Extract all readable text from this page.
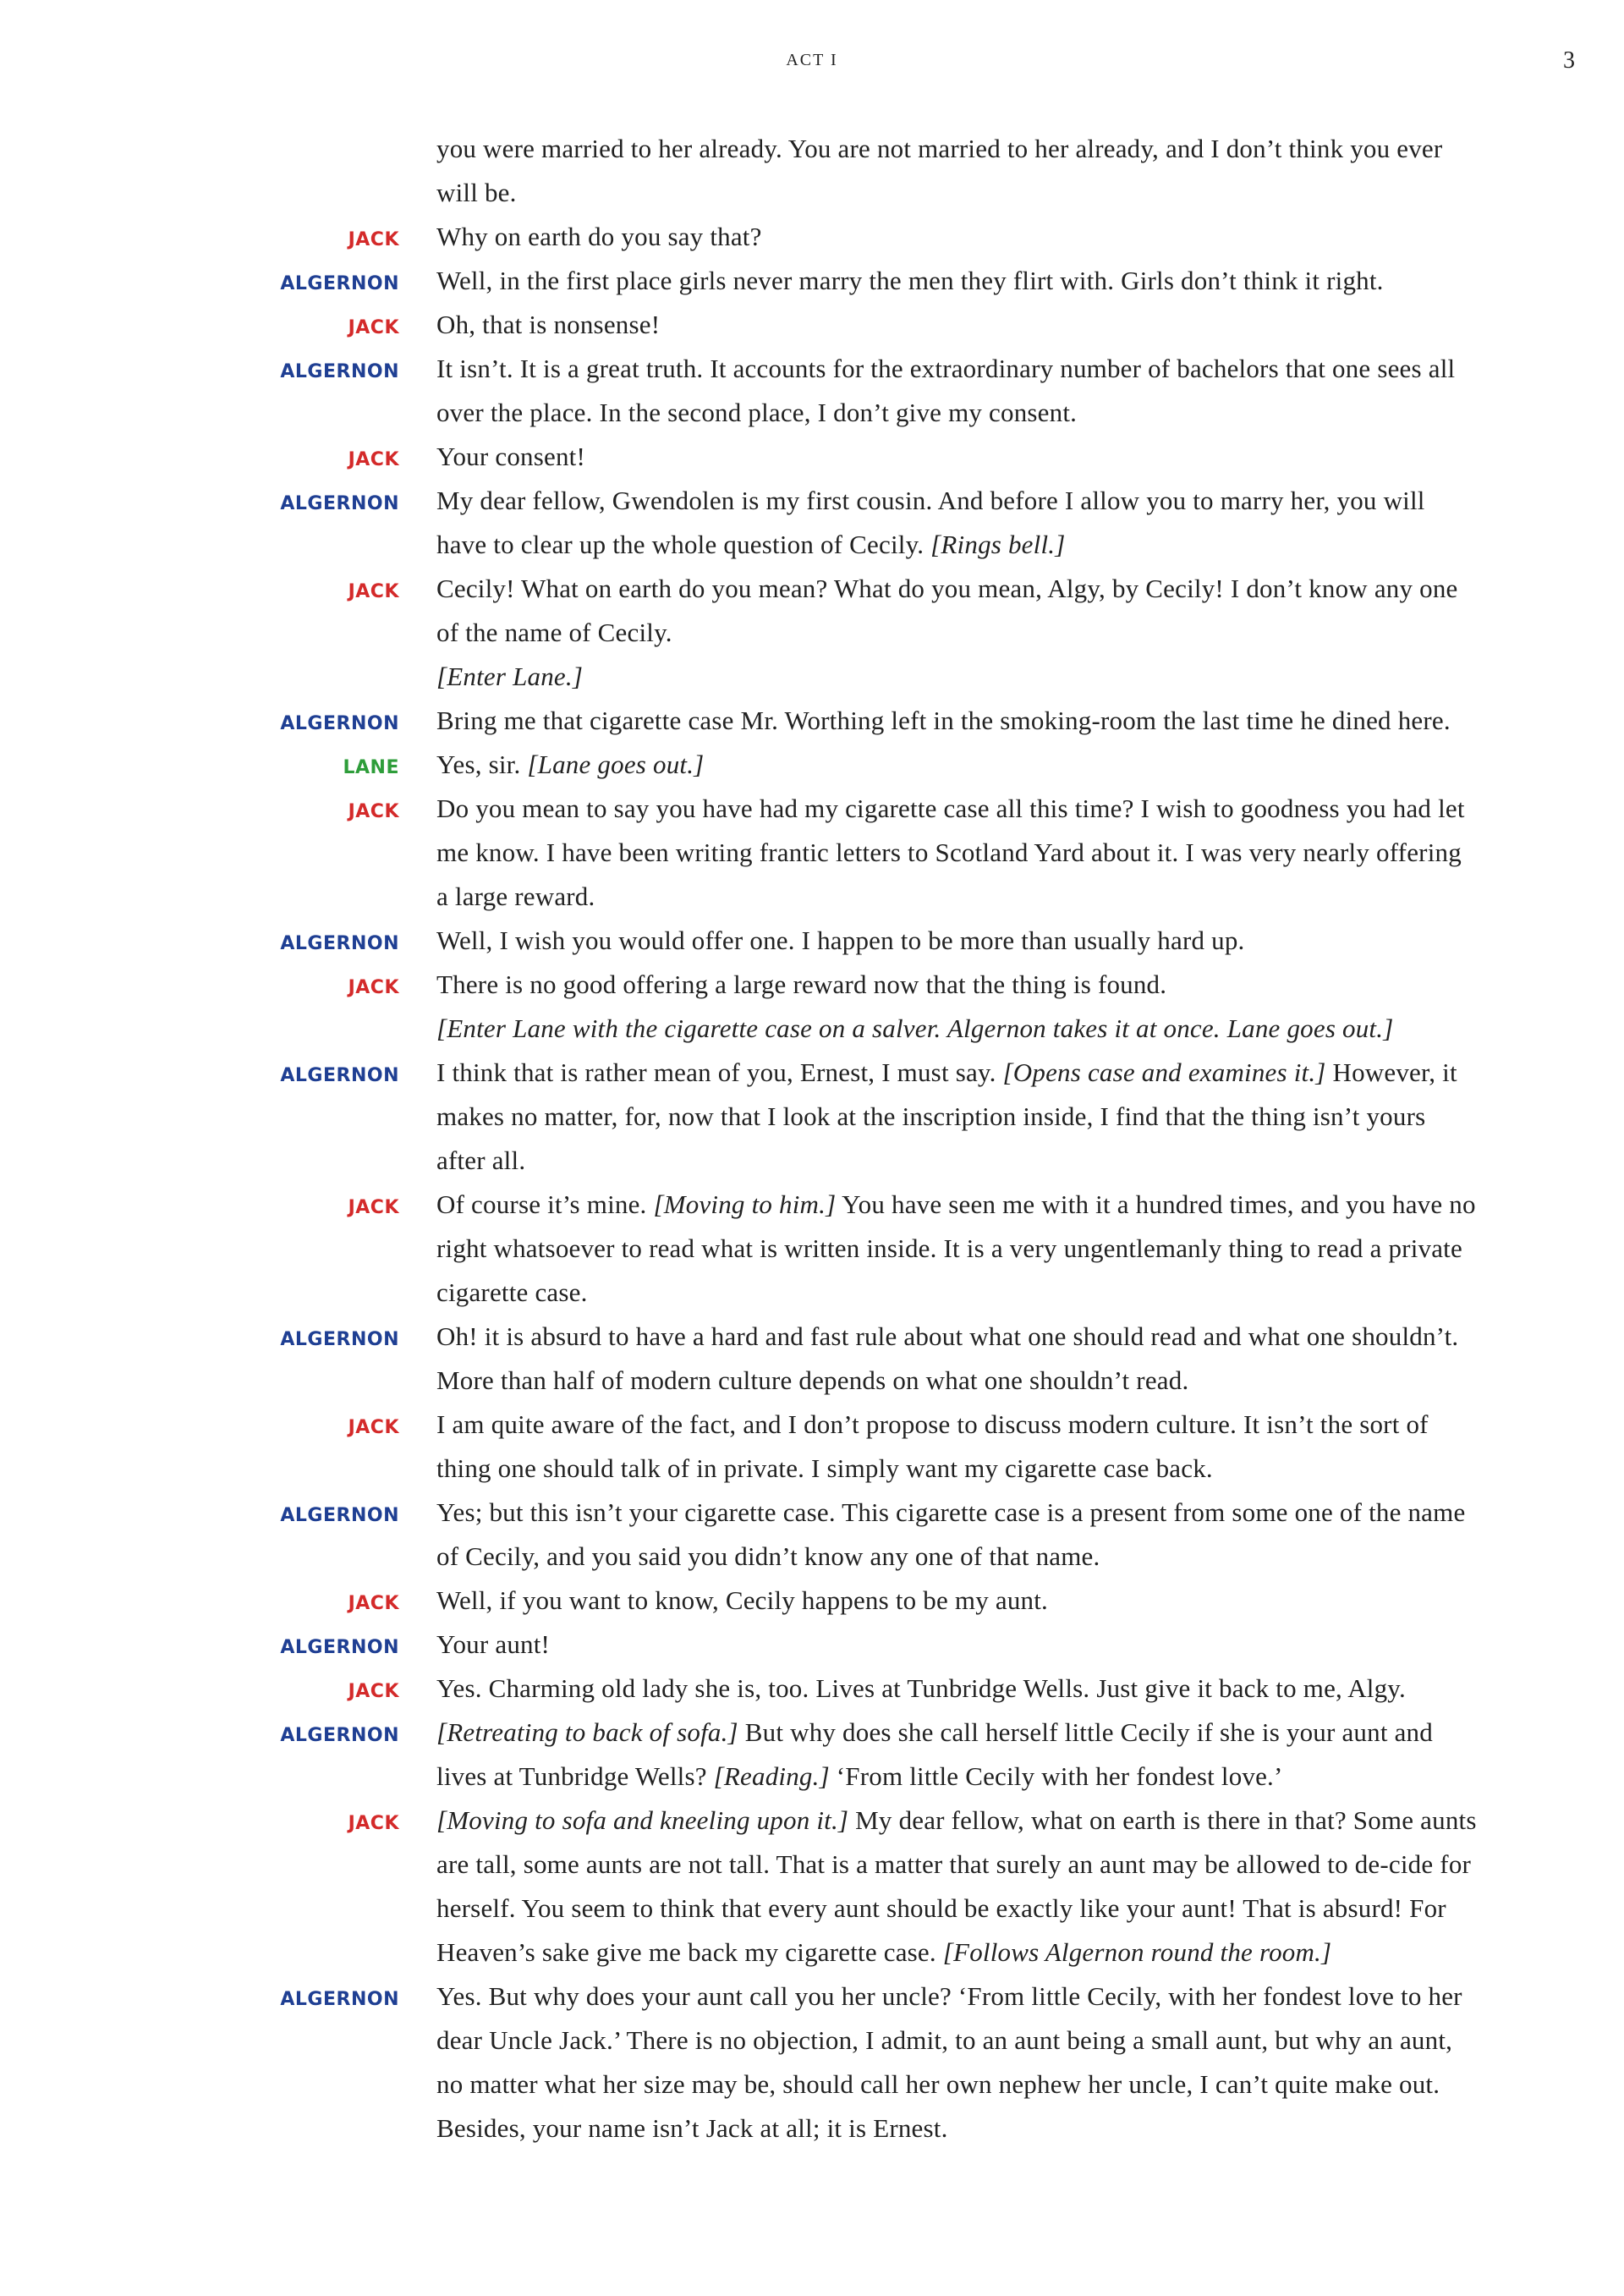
ACT I	3
you were married to her already. You are not married to her already, and I don’t think you ever will be.
JACK	Why on earth do you say that?
ALGERNON	Well, in the first place girls never marry the men they flirt with. Girls don’t think it right.
JACK	Oh, that is nonsense!
ALGERNON	It isn’t. It is a great truth. It accounts for the extraordinary number of bachelors that one sees all over the place. In the second place, I don’t give my consent.
JACK	Your consent!
ALGERNON	My dear fellow, Gwendolen is my first cousin. And before I allow you to marry her, you will have to clear up the whole question of Cecily. [Rings bell.]
JACK	Cecily! What on earth do you mean? What do you mean, Algy, by Cecily! I don’t know any one of the name of Cecily.
[Enter Lane.]
ALGERNON	Bring me that cigarette case Mr. Worthing left in the smoking-room the last time he dined here.
LANE	Yes, sir. [Lane goes out.]
JACK	Do you mean to say you have had my cigarette case all this time? I wish to goodness you had let me know. I have been writing frantic letters to Scotland Yard about it. I was very nearly offering a large reward.
ALGERNON	Well, I wish you would offer one. I happen to be more than usually hard up.
JACK	There is no good offering a large reward now that the thing is found.
[Enter Lane with the cigarette case on a salver. Algernon takes it at once. Lane goes out.]
ALGERNON	I think that is rather mean of you, Ernest, I must say. [Opens case and examines it.] However, it makes no matter, for, now that I look at the inscription inside, I find that the thing isn’t yours after all.
JACK	Of course it’s mine. [Moving to him.] You have seen me with it a hundred times, and you have no right whatsoever to read what is written inside. It is a very ungentlemanly thing to read a private cigarette case.
ALGERNON	Oh! it is absurd to have a hard and fast rule about what one should read and what one shouldn’t. More than half of modern culture depends on what one shouldn’t read.
JACK	I am quite aware of the fact, and I don’t propose to discuss modern culture. It isn’t the sort of thing one should talk of in private. I simply want my cigarette case back.
ALGERNON	Yes; but this isn’t your cigarette case. This cigarette case is a present from some one of the name of Cecily, and you said you didn’t know any one of that name.
JACK	Well, if you want to know, Cecily happens to be my aunt.
ALGERNON	Your aunt!
JACK	Yes. Charming old lady she is, too. Lives at Tunbridge Wells. Just give it back to me, Algy.
ALGERNON	[Retreating to back of sofa.] But why does she call herself little Cecily if she is your aunt and lives at Tunbridge Wells? [Reading.] ‘From little Cecily with her fondest love.’
JACK	[Moving to sofa and kneeling upon it.] My dear fellow, what on earth is there in that? Some aunts are tall, some aunts are not tall. That is a matter that surely an aunt may be allowed to de-cide for herself. You seem to think that every aunt should be exactly like your aunt! That is absurd! For Heaven’s sake give me back my cigarette case. [Follows Algernon round the room.]
ALGERNON	Yes. But why does your aunt call you her uncle? ‘From little Cecily, with her fondest love to her dear Uncle Jack.’ There is no objection, I admit, to an aunt being a small aunt, but why an aunt, no matter what her size may be, should call her own nephew her uncle, I can’t quite make out. Besides, your name isn’t Jack at all; it is Ernest.
